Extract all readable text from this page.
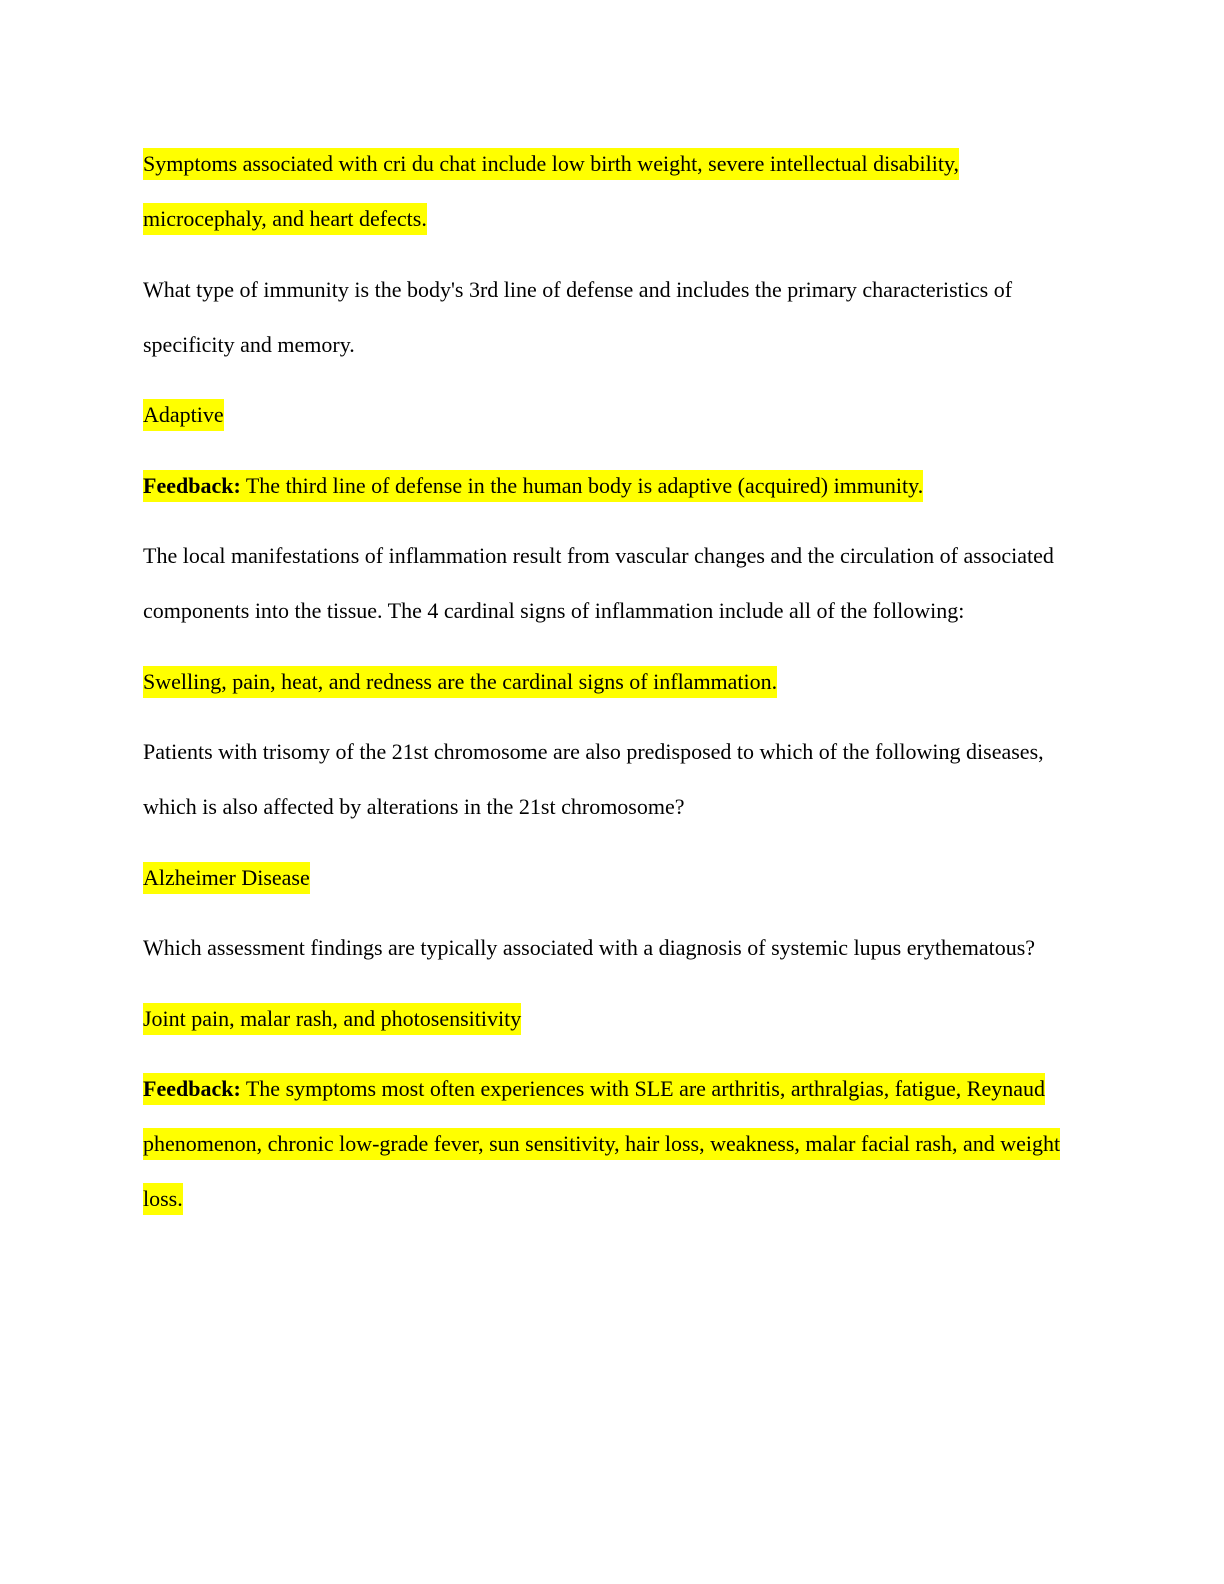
Symptoms associated with cri du chat include low birth weight, severe intellectual disability, microcephaly, and heart defects.

What type of immunity is the body's 3rd line of defense and includes the primary characteristics of specificity and memory.

Adaptive

Feedback: The third line of defense in the human body is adaptive (acquired) immunity.

The local manifestations of inflammation result from vascular changes and the circulation of associated components into the tissue. The 4 cardinal signs of inflammation include all of the following:

Swelling, pain, heat, and redness are the cardinal signs of inflammation.

Patients with trisomy of the 21st chromosome are also predisposed to which of the following diseases, which is also affected by alterations in the 21st chromosome?

Alzheimer Disease

Which assessment findings are typically associated with a diagnosis of systemic lupus erythematous?

Joint pain, malar rash, and photosensitivity

Feedback: The symptoms most often experiences with SLE are arthritis, arthralgias, fatigue, Reynaud phenomenon, chronic low-grade fever, sun sensitivity, hair loss, weakness, malar facial rash, and weight loss.
